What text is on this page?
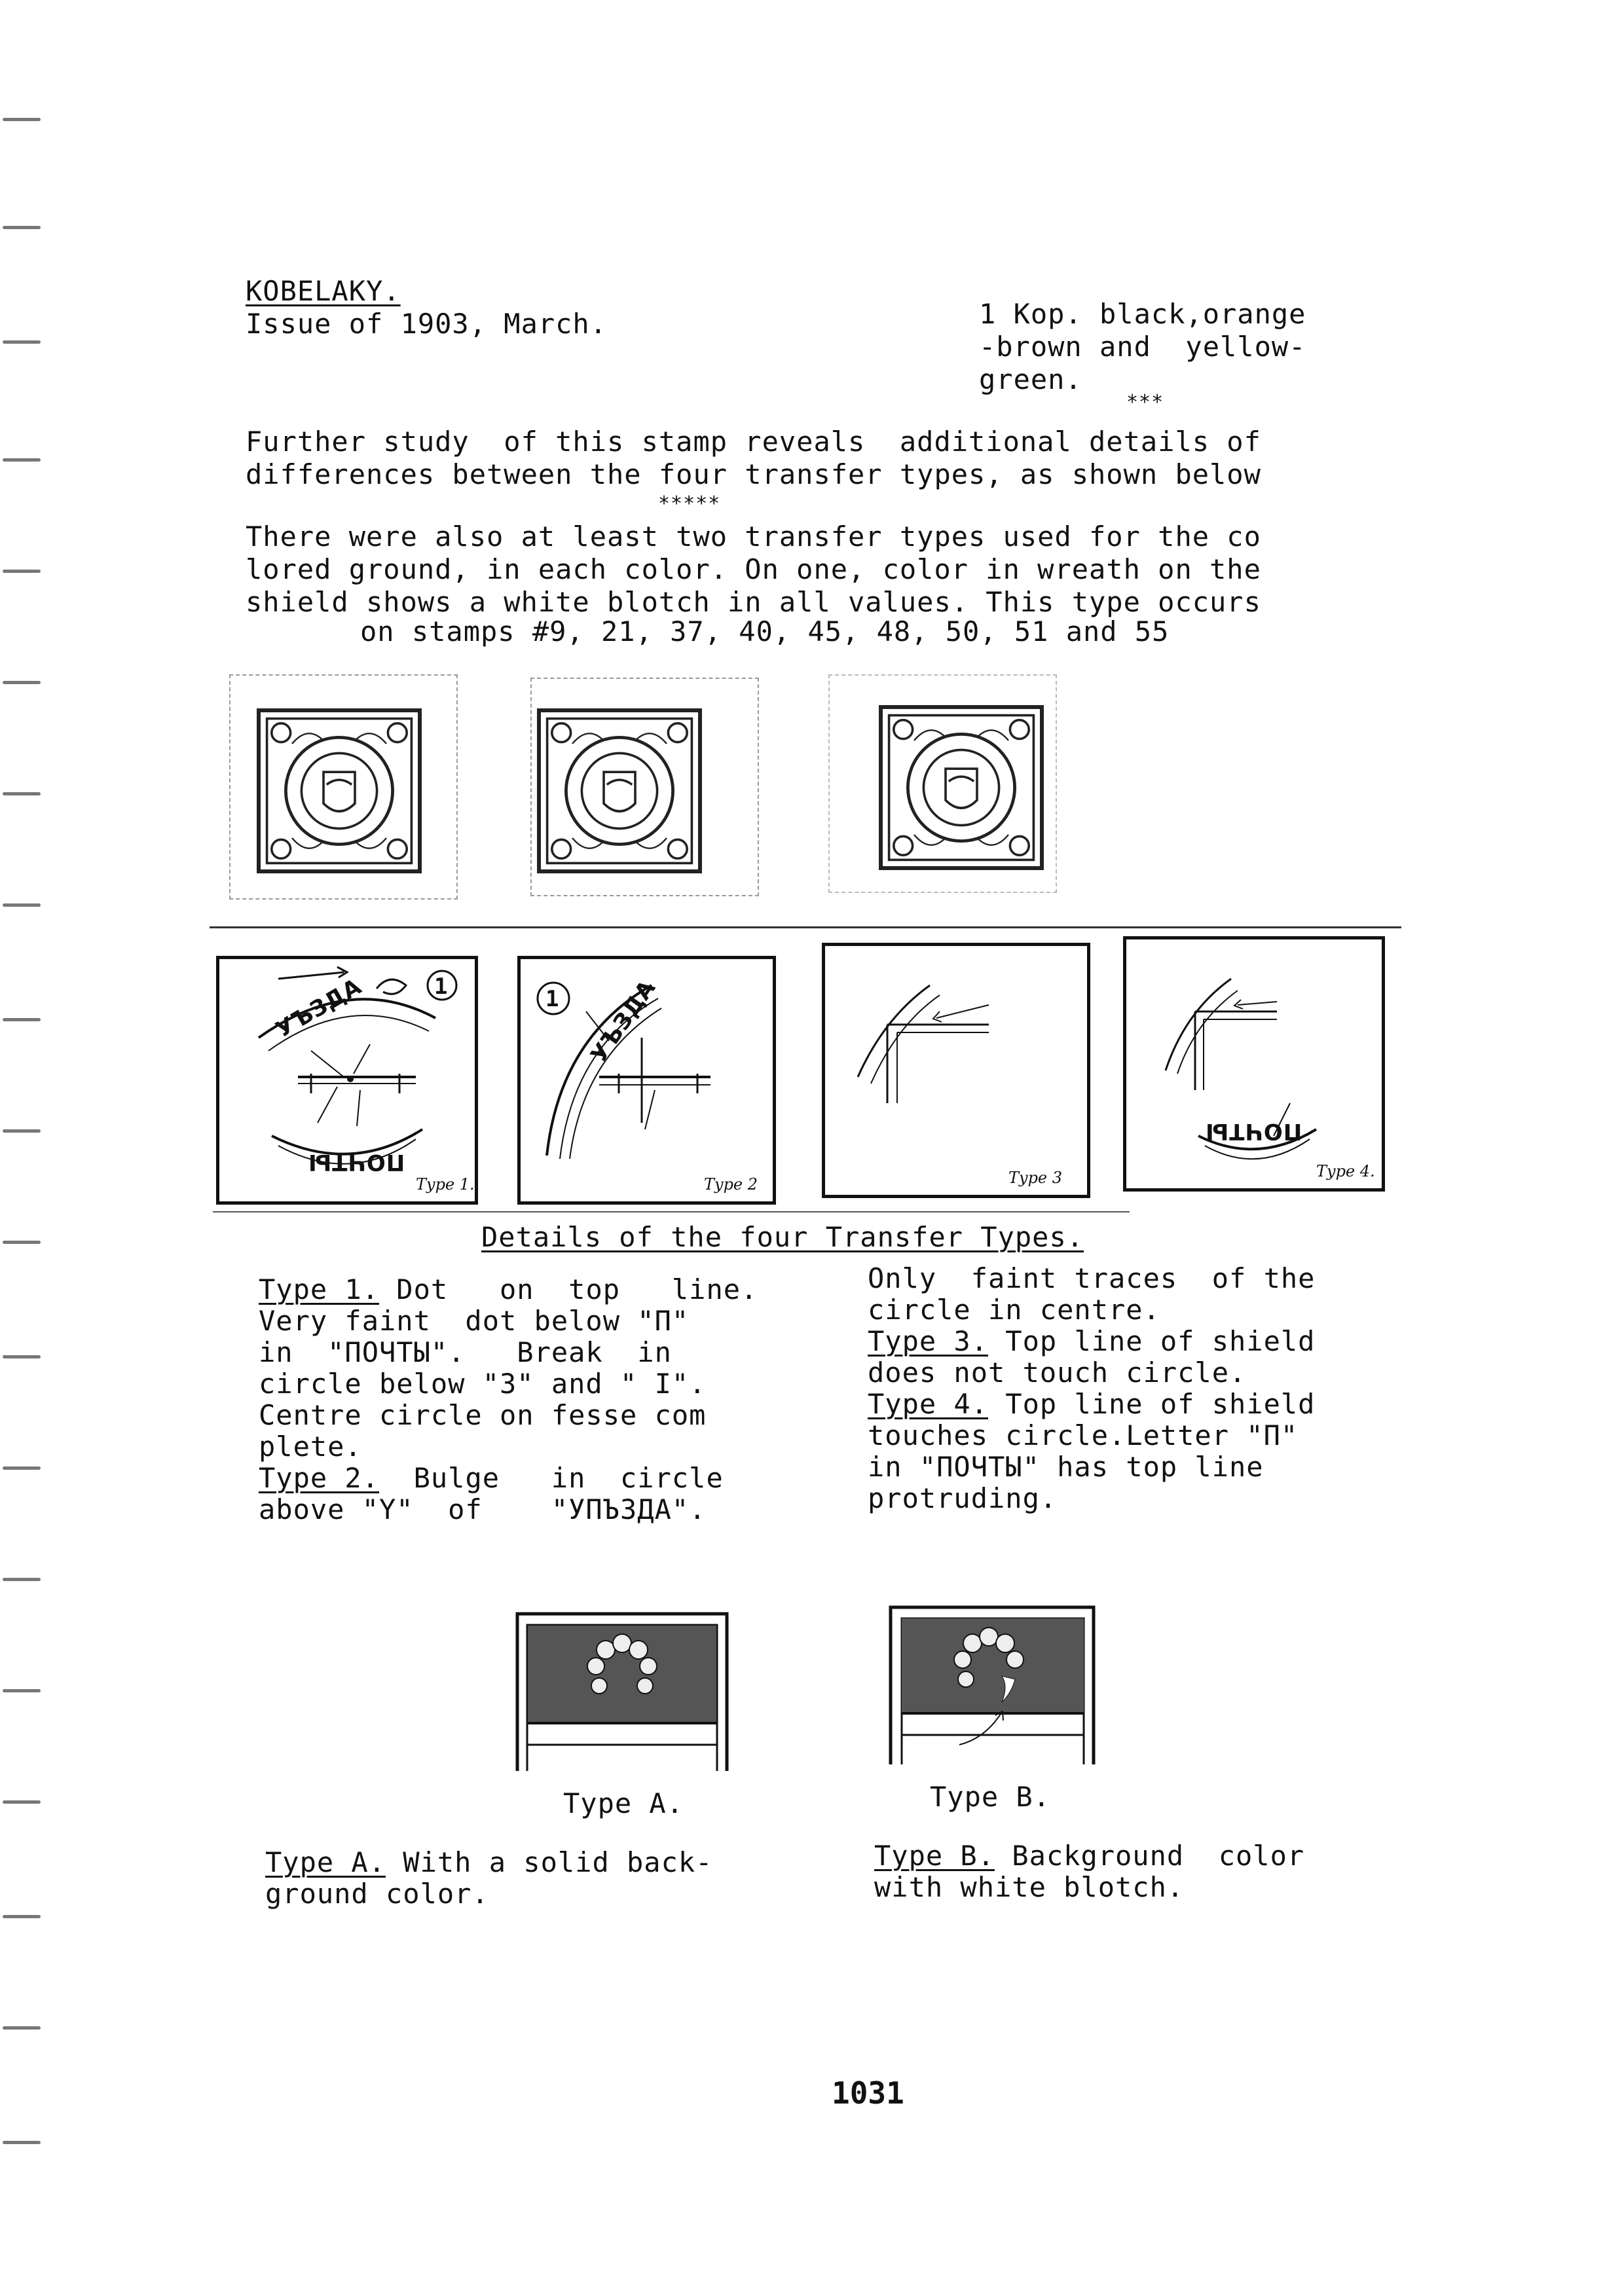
KOBELAKY.
Issue of 1903, March.	1 Kop. black,orange
-brown and  yellow-
green.
***
Further study  of this stamp reveals  additional details of
differences between the four transfer types, as shown below
*****
There were also at least two transfer types used for the co
lored ground, in each color. On one, color in wreath on the
shield shows a white blotch in all values. This type occurs
on stamps #9, 21, 37, 40, 45, 48, 50, 51 and 55
УЪЗДА
ПОЧТЫ
1
Type 1.
УЪЗДА
1
Type 2	Type 3
ПОЧТЫ
Type 4.
Details of the four Transfer Types.
Type 1. Dot   on  top   line.
Very faint  dot below "П"
in  "ПОЧТЫ".   Break  in
circle below "3" and " I".
Centre circle on fesse com
plete.
Type 2.  Bulge   in  circle
above "Y"  of    "УПЪЗДА".
Only  faint traces  of the
circle in centre.
Type 3. Top line of shield
does not touch circle.
Type 4. Top line of shield
touches circle.Letter "П"
in "ПОЧТЫ" has top line
protruding.
Type A.	Type B.
Type A. With a solid back-
ground color.
Type B. Background  color
with white blotch.
1031
